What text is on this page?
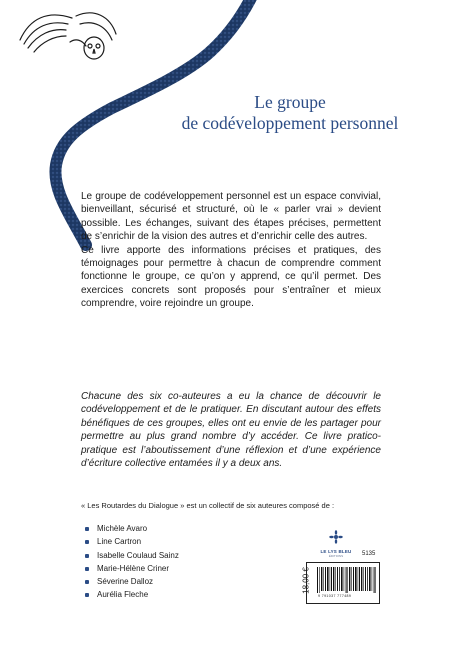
Le groupe
de codéveloppement personnel

Le groupe de codéveloppement personnel est un espace convivial, bienveillant, sécurisé et structuré, où le « parler vrai » devient possible. Les échanges, suivant des étapes précises, permettent de s’enrichir de la vision des autres et d’enrichir celle des autres.

Ce livre apporte des informations précises et pratiques, des témoignages pour permettre à chacun de comprendre comment fonctionne le groupe, ce qu’on y apprend, ce qu’il permet. Des exercices concrets sont proposés pour s’entraîner et mieux comprendre, voire rejoindre un groupe.

Chacune des six co-auteures a eu la chance de découvrir le codéveloppement et de le pratiquer. En discutant autour des effets bénéfiques de ces groupes, elles ont eu envie de les partager pour permettre au plus grand nombre d’y accéder. Ce livre pratico-pratique est l’aboutissement d’une réflexion et d’une expérience d’écriture collective entamées il y a deux ans.
« Les Routardes du Dialogue » est un collectif de six auteures composé de :
Michèle Avaro
Line Cartron
Isabelle Coulaud Sainz
Marie-Hélène Criner
Séverine Dalloz
Aurélia Fleche
LE LYS BLEU
ÉDITIONS	5135
18,00 €
9 791037 777489
